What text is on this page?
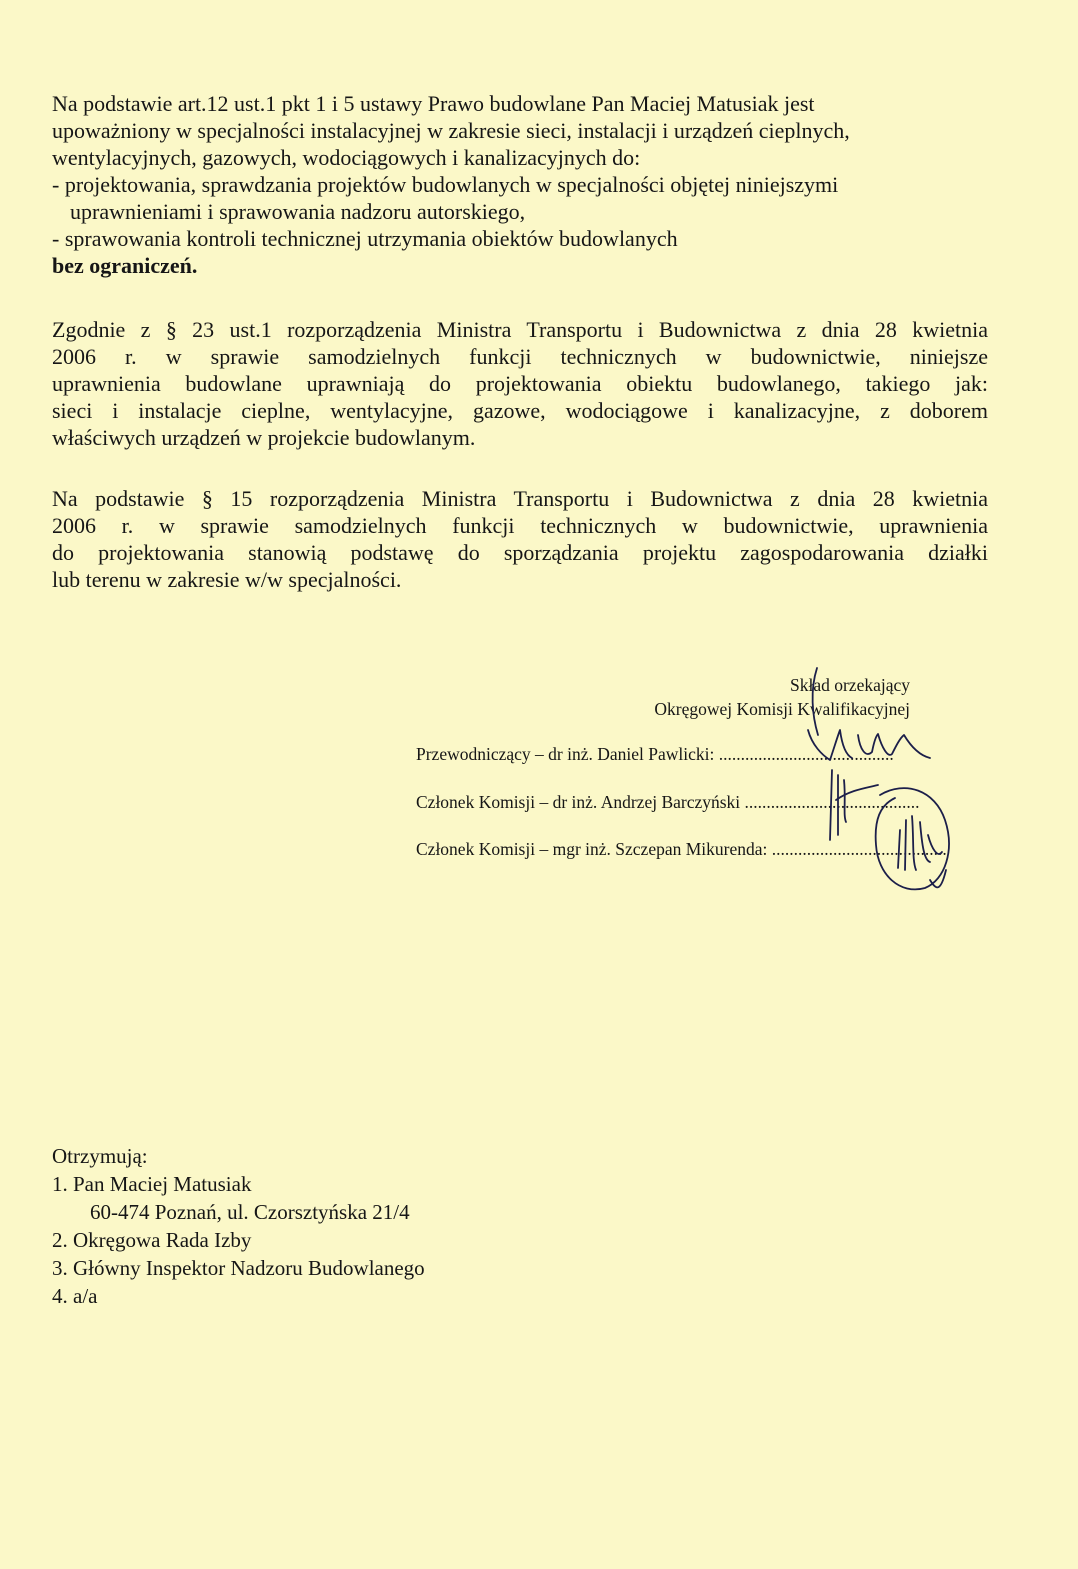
Na podstawie art.12 ust.1 pkt 1 i 5 ustawy Prawo budowlane Pan Maciej Matusiak jest
upoważniony w specjalności instalacyjnej w zakresie sieci, instalacji i urządzeń cieplnych,
wentylacyjnych, gazowych, wodociągowych i kanalizacyjnych do:
- projektowania, sprawdzania projektów budowlanych w specjalności objętej niniejszymi
uprawnieniami i sprawowania nadzoru autorskiego,
- sprawowania kontroli technicznej utrzymania obiektów budowlanych
bez ograniczeń.
Zgodnie z § 23 ust.1 rozporządzenia Ministra Transportu i Budownictwa z dnia 28 kwietnia
2006 r. w sprawie samodzielnych funkcji technicznych w budownictwie, niniejsze
uprawnienia budowlane uprawniają do projektowania obiektu budowlanego, takiego jak:
sieci i instalacje cieplne, wentylacyjne, gazowe, wodociągowe i kanalizacyjne, z doborem
właściwych urządzeń w projekcie budowlanym.
Na podstawie § 15 rozporządzenia Ministra Transportu i Budownictwa z dnia 28 kwietnia
2006 r. w sprawie samodzielnych funkcji technicznych w budownictwie, uprawnienia
do projektowania stanowią podstawę do sporządzania projektu zagospodarowania działki
lub terenu w zakresie w/w specjalności.
Skład orzekający
Okręgowej Komisji Kwalifikacyjnej
Przewodniczący – dr inż. Daniel Pawlicki: ........................................
Członek Komisji – dr inż. Andrzej Barczyński ........................................
Członek Komisji – mgr inż. Szczepan Mikurenda: ........................................
Otrzymują:
1. Pan Maciej Matusiak
60-474 Poznań, ul. Czorsztyńska 21/4
2. Okręgowa Rada Izby
3. Główny Inspektor Nadzoru Budowlanego
4. a/a
